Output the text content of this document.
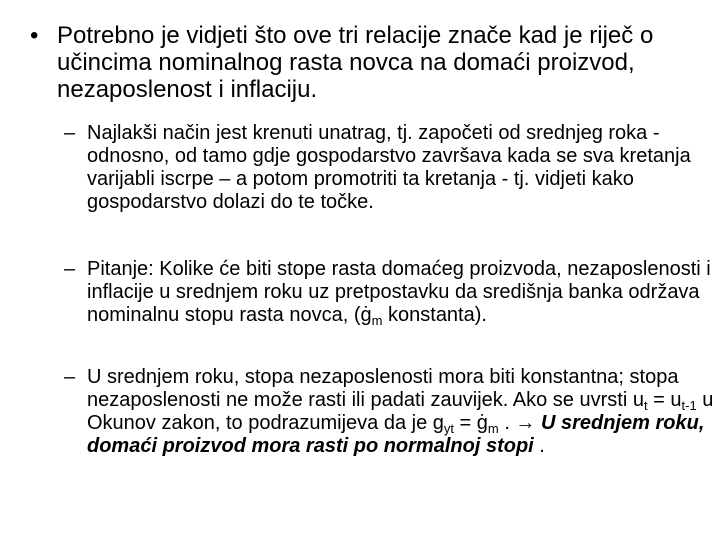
• Potrebno je vidjeti što ove tri relacije znače kad je riječ o učincima nominalnog rasta novca na domaći proizvod, nezaposlenost i inflaciju.
– Najlakši način jest krenuti unatrag, tj. započeti od srednjeg roka - odnosno, od tamo gdje gospodarstvo završava kada se sva kretanja varijabli iscrpe – a potom promotriti ta kretanja - tj. vidjeti kako gospodarstvo dolazi do te točke.
– Pitanje: Kolike će biti stope rasta domaćeg proizvoda, nezaposlenosti i inflacije u srednjem roku uz pretpostavku da središnja banka održava nominalnu stopu rasta novca, ($ġ_m$ konstanta).
– U srednjem roku, stopa nezaposlenosti mora biti konstantna; stopa nezaposlenosti ne može rasti ili padati zauvijek. Ako se uvrsti $u_t = u_{t-1}$ u Okunov zakon, to podrazumijeva da je $g_{yt}$ = $ġ_m$ . → U srednjem roku, domaći proizvod mora rasti po normalnoj stopi .
